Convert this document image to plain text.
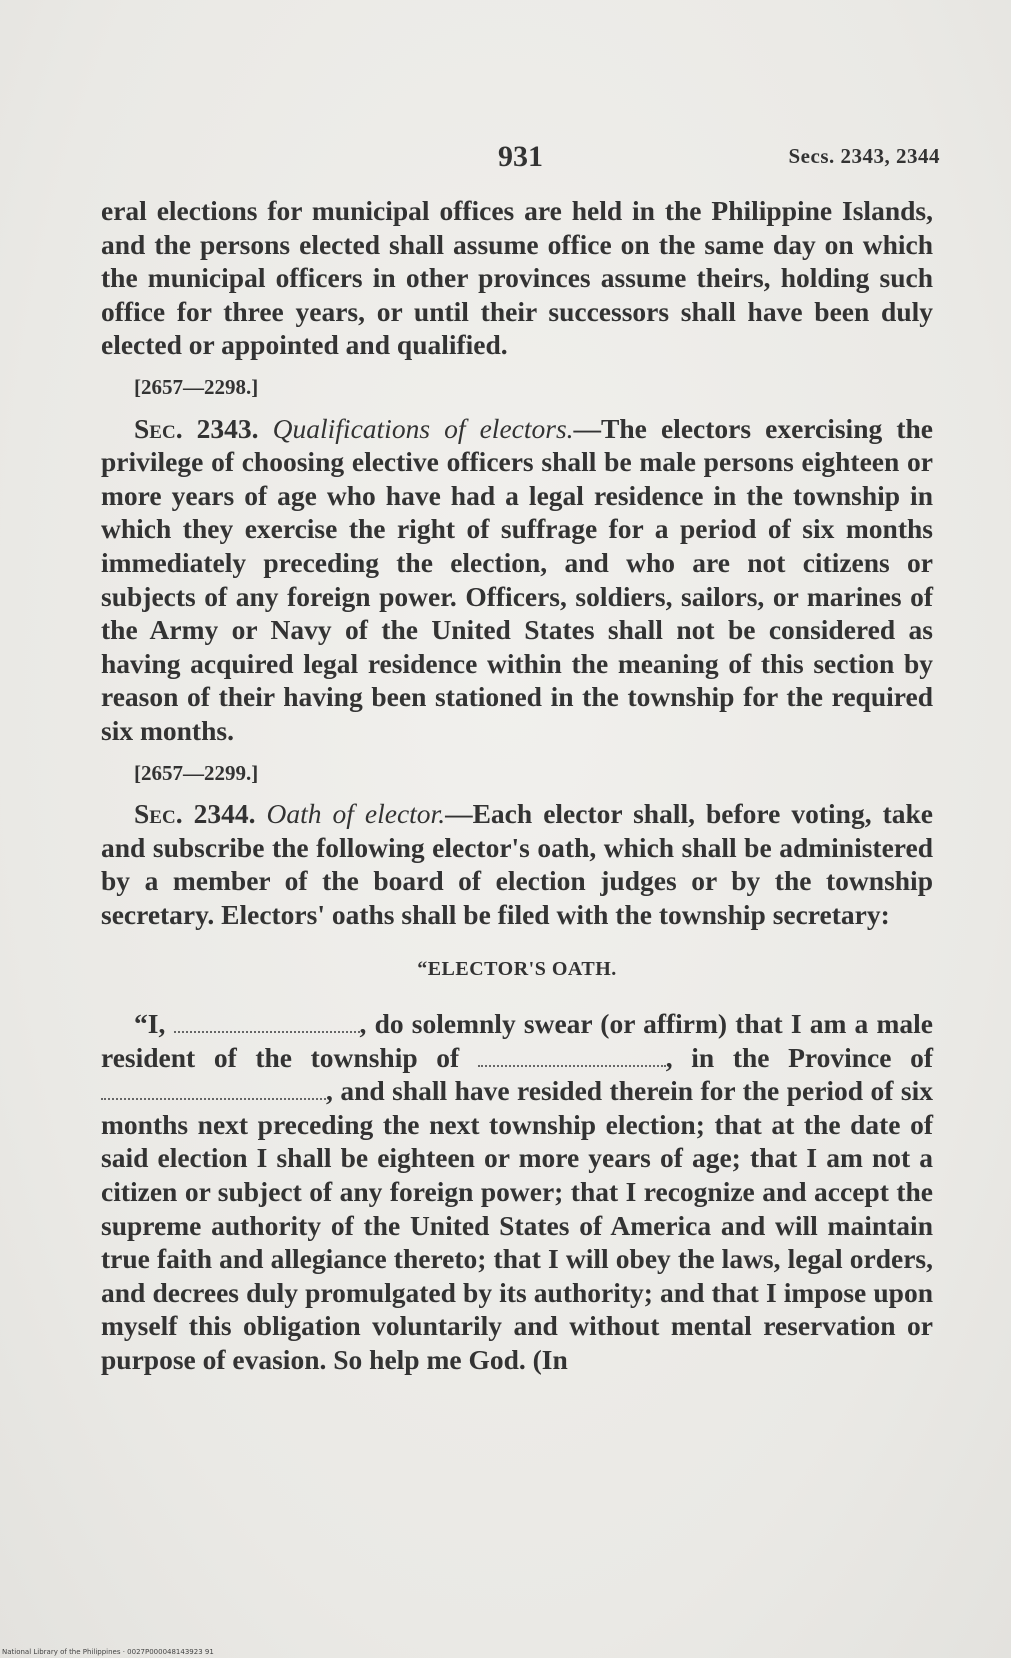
931	Secs. 2343, 2344

eral elections for municipal offices are held in the Philippine Islands, and the persons elected shall assume office on the same day on which the municipal officers in other provinces assume theirs, holding such office for three years, or until their successors shall have been duly elected or appointed and qualified.

[2657—2298.]

Sec. 2343. Qualifications of electors.—The electors exercising the privilege of choosing elective officers shall be male persons eighteen or more years of age who have had a legal residence in the township in which they exercise the right of suffrage for a period of six months immediately preceding the election, and who are not citizens or subjects of any foreign power. Officers, soldiers, sailors, or marines of the Army or Navy of the United States shall not be considered as having acquired legal residence within the meaning of this section by reason of their having been stationed in the township for the required six months.

[2657—2299.]

Sec. 2344. Oath of elector.—Each elector shall, before voting, take and subscribe the following elector's oath, which shall be administered by a member of the board of election judges or by the township secretary. Electors' oaths shall be filed with the township secretary:

“ELECTOR'S OATH.

“I,	, do solemnly swear (or affirm) that I am a male resident of the township of	, in the Province of , and shall have resided therein for the period of six months next preceding the next township election; that at the date of said election I shall be eighteen or more years of age; that I am not a citizen or subject of any foreign power; that I recognize and accept the supreme authority of the United States of America and will maintain true faith and allegiance thereto; that I will obey the laws, legal orders, and decrees duly promulgated by its authority; and that I impose upon myself this obligation voluntarily and without mental reservation or purpose of evasion. So help me God. (In

National Library of the Philippines · 0027P000048143923 91
